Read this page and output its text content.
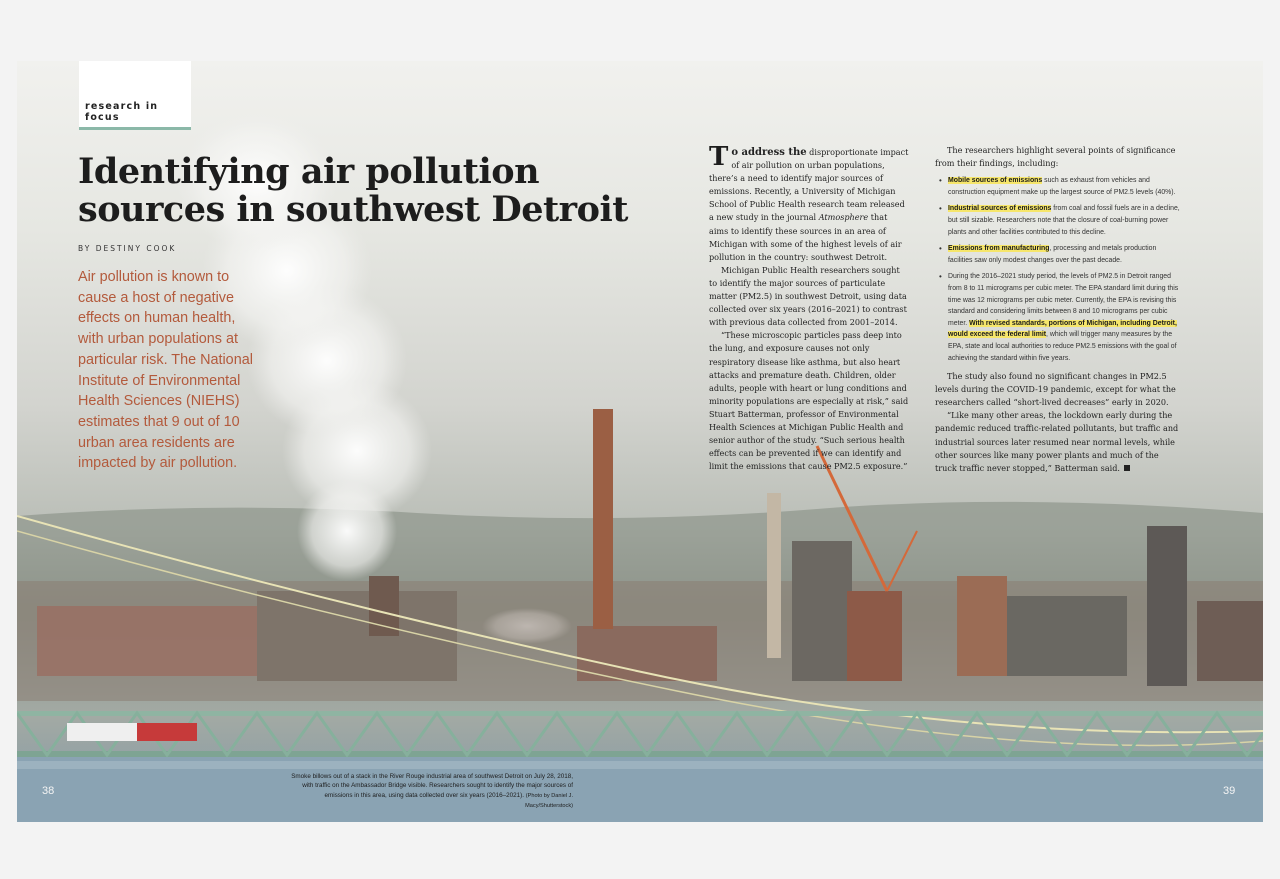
research in focus
Identifying air pollution sources in southwest Detroit
BY DESTINY COOK
Air pollution is known to cause a host of negative effects on human health, with urban populations at particular risk. The National Institute of Environmental Health Sciences (NIEHS) estimates that 9 out of 10 urban area residents are impacted by air pollution.

To address the disproportionate impact of air pollution on urban populations, there’s a need to identify major sources of emissions. Recently, a University of Michigan School of Public Health research team released a new study in the journal Atmosphere that aims to identify these sources in an area of Michigan with some of the highest levels of air pollution in the country: southwest Detroit.

Michigan Public Health researchers sought to identify the major sources of particulate matter (PM2.5) in southwest Detroit, using data collected over six years (2016–2021) to contrast with previous data collected from 2001–2014.

“These microscopic particles pass deep into the lung, and exposure causes not only respiratory disease like asthma, but also heart attacks and premature death. Children, older adults, people with heart or lung conditions and minority populations are especially at risk,” said Stuart Batterman, professor of Environmental Health Sciences at Michigan Public Health and senior author of the study. “Such serious health effects can be prevented if we can identify and limit the emissions that cause PM2.5 exposure.”

The researchers highlight several points of significance from their findings, including:

• Mobile sources of emissions such as exhaust from vehicles and construction equipment make up the largest source of PM2.5 levels (40%).
• Industrial sources of emissions from coal and fossil fuels are in a decline, but still sizable. Researchers note that the closure of coal-burning power plants and other facilities contributed to this decline.
• Emissions from manufacturing, processing and metals production facilities saw only modest changes over the past decade.
• During the 2016–2021 study period, the levels of PM2.5 in Detroit ranged from 8 to 11 micrograms per cubic meter. The EPA standard limit during this time was 12 micrograms per cubic meter. Currently, the EPA is revising this standard and considering limits between 8 and 10 micrograms per cubic meter. With revised standards, portions of Michigan, including Detroit, would exceed the federal limit, which will trigger many measures by the EPA, state and local authorities to reduce PM2.5 emissions with the goal of achieving the standard within five years.

The study also found no significant changes in PM2.5 levels during the COVID-19 pandemic, except for what the researchers called “short-lived decreases” early in 2020.

“Like many other areas, the lockdown early during the pandemic reduced traffic-related pollutants, but traffic and industrial sources later resumed near normal levels, while other sources like many power plants and much of the truck traffic never stopped,” Batterman said.

Smoke billows out of a stack in the River Rouge industrial area of southwest Detroit on July 28, 2018, with traffic on the Ambassador Bridge visible. Researchers sought to identify the major sources of emissions in this area, using data collected over six years (2016–2021). (Photo by Daniel J. Macy/Shutterstock)
38	39
